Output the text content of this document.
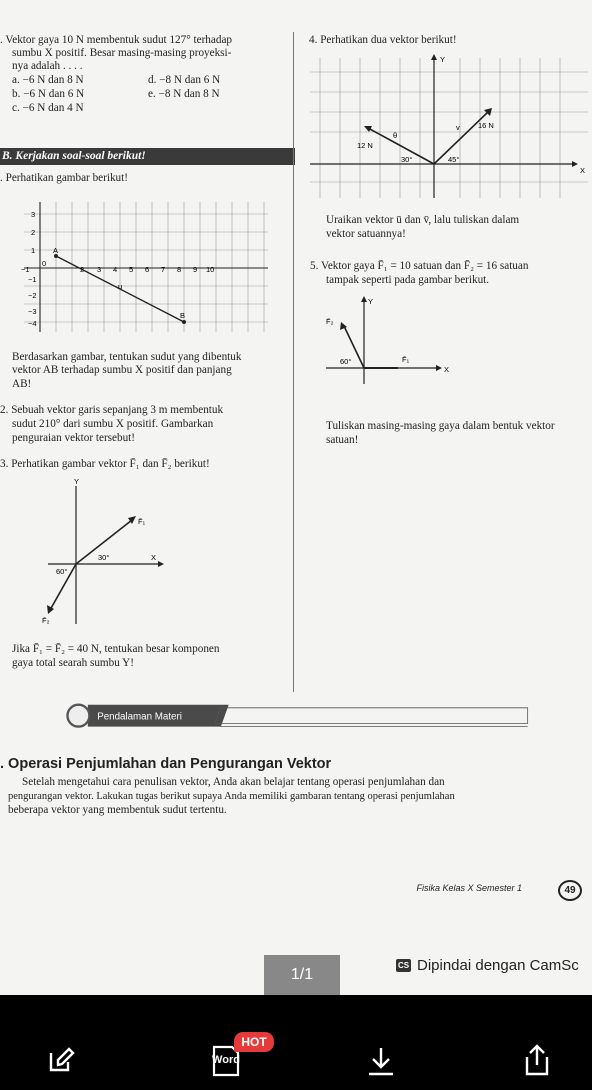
. Vektor gaya 10 N membentuk sudut 127° terhadap
sumbu X positif. Besar masing-masing proyeksi-
nya adalah . . . .
a. −6 N dan 8 N	d. −8 N dan 6 N
b. −6 N dan 6 N	e. −8 N dan 8 N
c. −6 N dan 4 N
B. Kerjakan soal-soal berikut!
. Perhatikan gambar berikut!
−1
0
2 3 4 5 6 7 8 9 10
3
2
1
−1
−2
−3
−4
A
B
u
Berdasarkan gambar, tentukan sudut yang dibentuk
vektor AB terhadap sumbu X positif dan panjang
AB!
2. Sebuah vektor garis sepanjang 3 m membentuk
sudut 210° dari sumbu X positif. Gambarkan
penguraian vektor tersebut!
3. Perhatikan gambar vektor F̄₁ dan F̄₂ berikut!
Y
X
F̄₁
F̄₂
30°
60°
Jika F̄₁ = F̄₂ = 40 N, tentukan besar komponen
gaya total searah sumbu Y!
4. Perhatikan dua vektor berikut!
Y
X
12 N
16 N
θ
v
30°	45°
Uraikan vektor ū dan v̄, lalu tuliskan dalam
vektor satuannya!
5. Vektor gaya F̄₁ = 10 satuan dan F̄₂ = 16 satuan
tampak seperti pada gambar berikut.
Y
X
F̄₁
F̄₂
60°
Tuliskan masing-masing gaya dalam bentuk vektor
satuan!
Pendalaman Materi
. Operasi Penjumlahan dan Pengurangan Vektor
Setelah mengetahui cara penulisan vektor, Anda akan belajar tentang operasi penjumlahan dan
pengurangan vektor. Lakukan tugas berikut supaya Anda memiliki gambaran tentang operasi penjumlahan
beberapa vektor yang membentuk sudut tertentu.
Fisika Kelas X Semester 1	49
1/1
CS Dipindai dengan CamSc
Word
HOT
